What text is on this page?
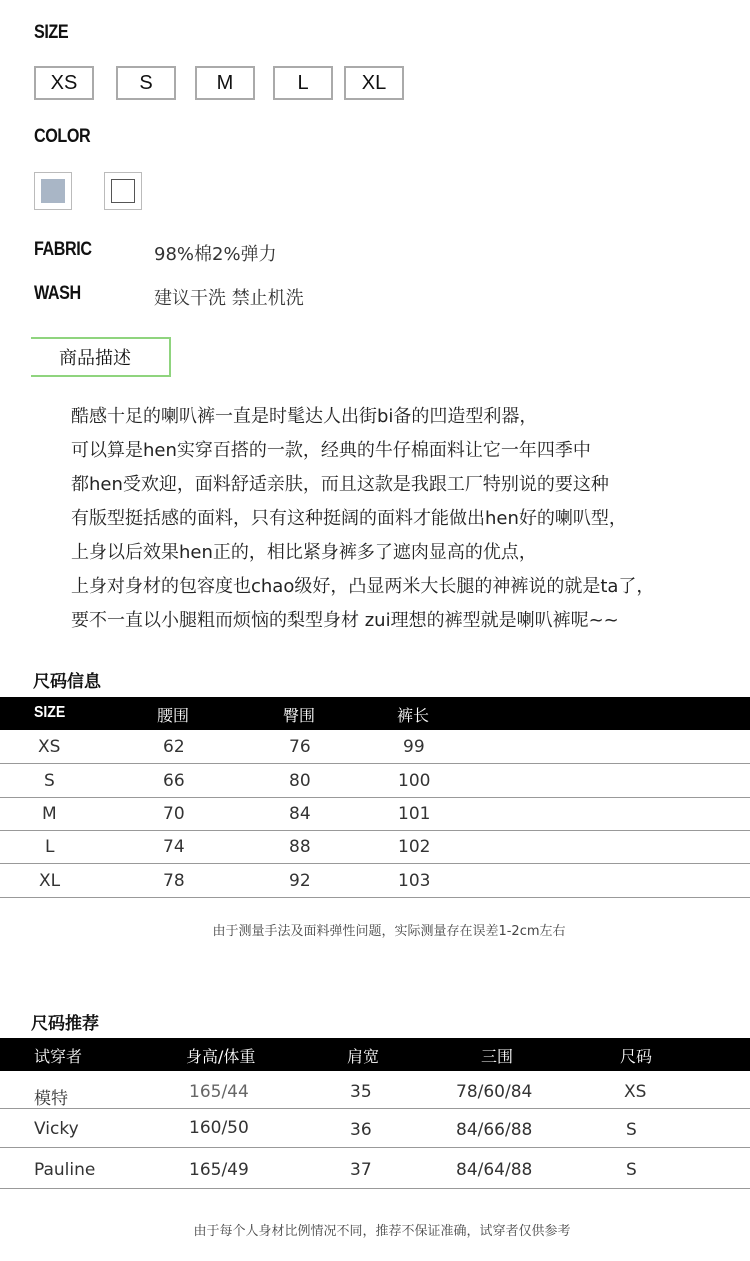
SIZE
XS	S	M	L	XL
COLOR
FABRIC	98%棉2%弹力
WASH	建议干洗 禁止机洗
商品描述
酷感十足的喇叭裤一直是时髦达人出街bi备的凹造型利器，
可以算是hen实穿百搭的一款，经典的牛仔棉面料让它一年四季中
都hen受欢迎，面料舒适亲肤，而且这款是我跟工厂特别说的要这种
有版型挺括感的面料，只有这种挺阔的面料才能做出hen好的喇叭型，
上身以后效果hen正的，相比紧身裤多了遮肉显高的优点，
上身对身材的包容度也chao级好，凸显两米大长腿的神裤说的就是ta了，
要不一直以小腿粗而烦恼的梨型身材 zui理想的裤型就是喇叭裤呢~~
尺码信息
SIZE	腰围	臀围	裤长
XS	62	76	99
S	66	80	100
M	70	84	101
L	74	88	102
XL	78	92	103
由于测量手法及面料弹性问题，实际测量存在误差1-2cm左右
尺码推荐
试穿者	身高/体重	肩宽	三围	尺码
模特	165/44	35	78/60/84	XS
Vicky	160/50	36	84/66/88	S
Pauline	165/49	37	84/64/88	S
由于每个人身材比例情况不同，推荐不保证准确，试穿者仅供参考
